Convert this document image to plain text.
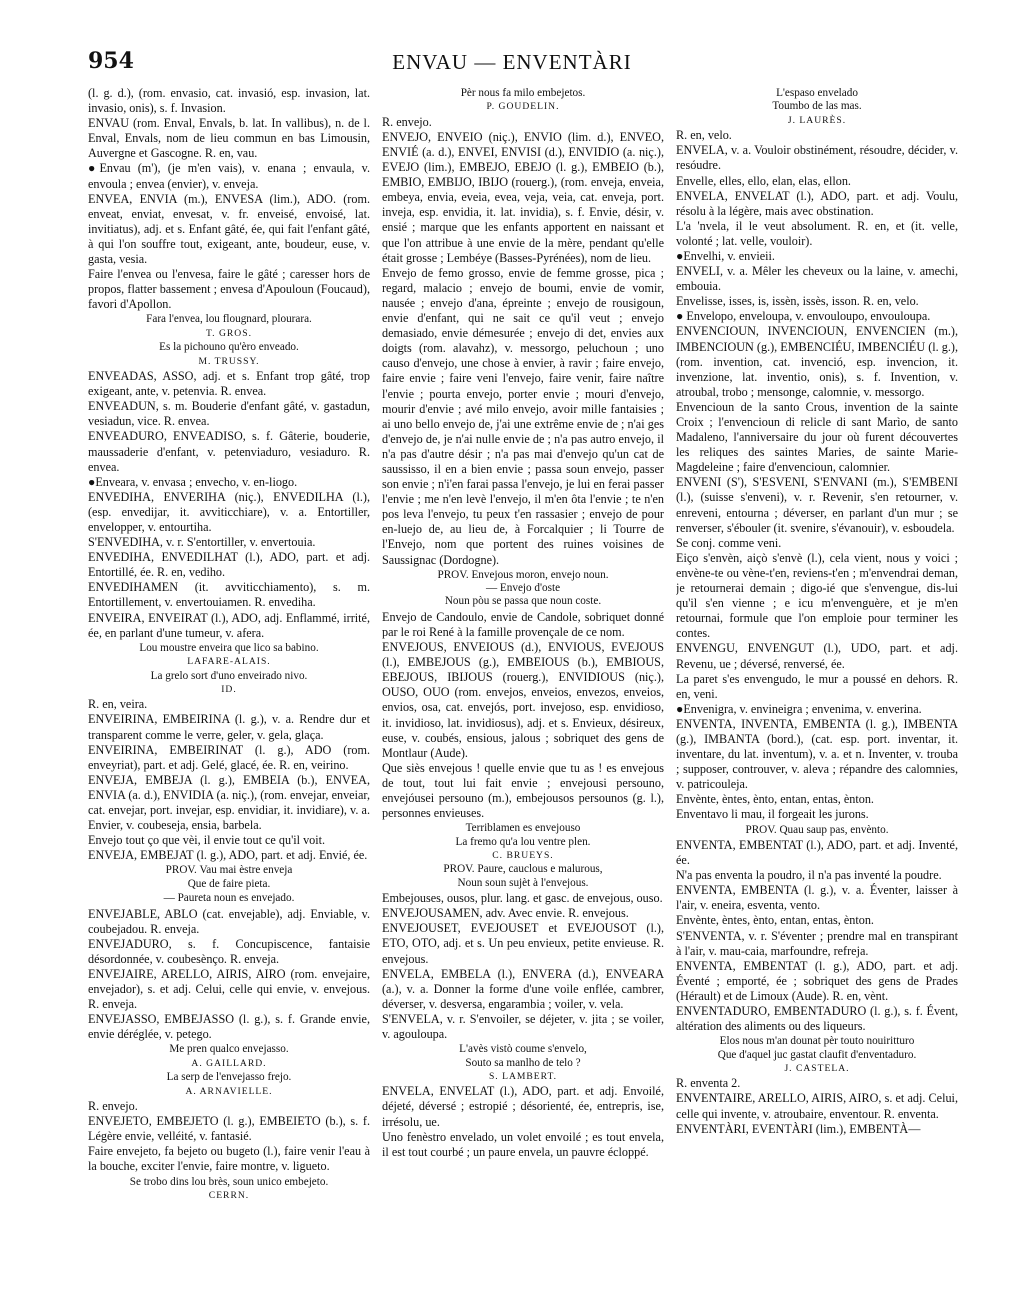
954	ENVAU — ENVENTÀRI

(l. g. d.), (rom. envasio, cat. invasió, esp. invasion, lat. invasio, onis), s. f. Invasion.

ENVAU (rom. Enval, Envals, b. lat. In vallibus), n. de l. Enval, Envals, nom de lieu commun en bas Limousin, Auvergne et Gascogne. R. en, vau.

●Envau (m'), (je m'en vais), v. enana ; envaula, v. envoula ; envea (envier), v. enveja.

ENVEA, ENVIA (m.), ENVESA (lim.), ADO. (rom. enveat, enviat, envesat, v. fr. enveisé, envoisé, lat. invitiatus), adj. et s. Enfant gâté, ée, qui fait l'enfant gâté, à qui l'on souffre tout, exigeant, ante, boudeur, euse, v. gasta, vesia.

Faire l'envea ou l'envesa, faire le gâté ; caresser hors de propos, flatter bassement ; envesa d'Apouloun (Foucaud), favori d'Apollon.

Fara l'envea, lou flougnard, plourara.
T. GROS.
Es la pichouno qu'èro enveado.
M. TRUSSY.

ENVEADAS, ASSO, adj. et s. Enfant trop gâté, trop exigeant, ante, v. petenvia. R. envea.

ENVEADUN, s. m. Bouderie d'enfant gâté, v. gastadun, vesiadun, vice. R. envea.

ENVEADURO, ENVEADISO, s. f. Gâterie, bouderie, maussaderie d'enfant, v. petenviaduro, vesiaduro. R. envea.

●Enveara, v. envasa ; envecho, v. en-liogo.

ENVEDIHA, ENVERIHA (niç.), ENVEDILHA (l.), (esp. envedijar, it. avviticchiare), v. a. Entortiller, envelopper, v. entourtiha.

S'ENVEDIHA, v. r. S'entortiller, v. envertouia.

ENVEDIHA, ENVEDILHAT (l.), ADO, part. et adj. Entortillé, ée. R. en, vediho.

ENVEDIHAMEN (it. avviticchiamento), s. m. Entortillement, v. envertouiamen. R. envediha.

ENVEIRA, ENVEIRAT (l.), ADO, adj. Enflammé, irrité, ée, en parlant d'une tumeur, v. afera.

Lou moustre enveira que lico sa babino.
LAFARE-ALAIS.
La grelo sort d'uno enveirado nivo.
ID.

R. en, veira.

ENVEIRINA, EMBEIRINA (l. g.), v. a. Rendre dur et transparent comme le verre, geler, v. gela, glaça.

ENVEIRINA, EMBEIRINAT (l. g.), ADO (rom. enveyriat), part. et adj. Gelé, glacé, ée. R. en, veirino.

ENVEJA, EMBEJA (l. g.), EMBEIA (b.), ENVEA, ENVIA (a. d.), ENVIDIA (a. niç.), (rom. envejar, enveiar, cat. envejar, port. invejar, esp. envidiar, it. invidiare), v. a. Envier, v. coubeseja, ensia, barbela.

Envejo tout ço que vèi, il envie tout ce qu'il voit.

ENVEJA, EMBEJAT (l. g.), ADO, part. et adj. Envié, ée.

PROV. Vau mai èstre enveja
Que de faire pieta.
— Paureta noun es envejado.

ENVEJABLE, ABLO (cat. envejable), adj. Enviable, v. coubejadou. R. enveja.

ENVEJADURO, s. f. Concupiscence, fantaisie désordonnée, v. coubesènço. R. enveja.

ENVEJAIRE, ARELLO, AIRIS, AIRO (rom. envejaire, envejador), s. et adj. Celui, celle qui envie, v. envejous. R. enveja.

ENVEJASSO, EMBEJASSO (l. g.), s. f. Grande envie, envie déréglée, v. petego.

Me pren qualco envejasso.
A. GAILLARD.
La serp de l'envejasso frejo.
A. ARNAVIELLE.

R. envejo.

ENVEJETO, EMBEJETO (l. g.), EMBEIETO (b.), s. f. Légère envie, velléité, v. fantasié.

Faire envejeto, fa bejeto ou bugeto (l.), faire venir l'eau à la bouche, exciter l'envie, faire montre, v. ligueto.

Se trobo dins lou brès, soun unico embejeto.
CERRN.
Pèr nous fa milo embejetos.
P. GOUDELIN.

R. envejo.

ENVEJO, ENVEIO (niç.), ENVIO (lim. d.), ENVEO, ENVIÉ (a. d.), ENVEI, ENVISI (d.), ENVIDIO (a. niç.), EVEJO (lim.), EMBEJO, EBEJO (l. g.), EMBEIO (b.), EMBIO, EMBIJO, IBIJO (rouerg.), (rom. enveja, enveia, embeya, envia, eveia, evea, veja, veia, cat. enveja, port. inveja, esp. envidia, it. lat. invidia), s. f. Envie, désir, v. ensié ; marque que les enfants apportent en naissant et que l'on attribue à une envie de la mère, pendant qu'elle était grosse ; Lembéye (Basses-Pyrénées), nom de lieu.

Envejo de femo grosso, envie de femme grosse, pica ; regard, malacio ; envejo de boumi, envie de vomir, nausée ; envejo d'ana, épreinte ; envejo de rousigoun, envie d'enfant, qui ne sait ce qu'il veut ; envejo demasiado, envie démesurée ; envejo di det, envies aux doigts (rom. alavahz), v. messorgo, peluchoun ; uno causo d'envejo, une chose à envier, à ravir ; faire envejo, faire envie ; faire veni l'envejo, faire venir, faire naître l'envie ; pourta envejo, porter envie ; mouri d'envejo, mourir d'envie ; avé milo envejo, avoir mille fantaisies ; ai uno bello envejo de, j'ai une extrême envie de ; n'ai ges d'envejo de, je n'ai nulle envie de ; n'a pas autro envejo, il n'a pas d'autre désir ; n'a pas mai d'envejo qu'un cat de saussisso, il en a bien envie ; passa soun envejo, passer son envie ; n'i'en farai passa l'envejo, je lui en ferai passer l'envie ; me n'en levè l'envejo, il m'en ôta l'envie ; te n'en pos leva l'envejo, tu peux t'en rassasier ; envejo de pour en-luejo de, au lieu de, à Forcalquier ; li Tourre de l'Envejo, nom que portent des ruines voisines de Saussignac (Dordogne).

PROV. Envejous moron, envejo noun.
— Envejo d'oste
Noun pòu se passa que noun coste.

Envejo de Candoulo, envie de Candole, sobriquet donné par le roi René à la famille provençale de ce nom.

ENVEJOUS, ENVEIOUS (d.), ENVIOUS, EVEJOUS (l.), EMBEJOUS (g.), EMBEIOUS (b.), EMBIOUS, EBEJOUS, IBIJOUS (rouerg.), ENVIDIOUS (niç.), OUSO, OUO (rom. envejos, enveios, envezos, enveios, envios, osa, cat. envejós, port. invejoso, esp. envidioso, it. invidioso, lat. invidiosus), adj. et s. Envieux, désireux, euse, v. coubés, ensious, jalous ; sobriquet des gens de Montlaur (Aude).

Que siès envejous ! quelle envie que tu as ! es envejous de tout, tout lui fait envie ; envejousi persouno, envejóusei persouno (m.), embejousos persounos (g. l.), personnes envieuses.

Terriblamen es envejouso
La fremo qu'a lou ventre plen.
C. BRUEYS.
PROV. Paure, cauclous e malurous,
Noun soun sujèt à l'envejous.

Embejouses, ousos, plur. lang. et gasc. de envejous, ouso.

ENVEJOUSAMEN, adv. Avec envie. R. envejous.

ENVEJOUSET, EVEJOUSET et EVEJOUSOT (l.), ETO, OTO, adj. et s. Un peu envieux, petite envieuse. R. envejous.

ENVELA, EMBELA (l.), ENVERA (d.), ENVEARA (a.), v. a. Donner la forme d'une voile enflée, cambrer, déverser, v. desversa, engarambia ; voiler, v. vela.

S'ENVELA, v. r. S'envoiler, se déjeter, v. jita ; se voiler, v. agouloupa.

L'avès vistò coume s'envelo,
Souto sa manlho de telo ?
S. LAMBERT.

ENVELA, ENVELAT (l.), ADO, part. et adj. Envoilé, déjeté, déversé ; estropié ; désorienté, ée, entrepris, ise, irrésolu, ue.

Uno fenèstro envelado, un volet envoilé ; es tout envela, il est tout courbé ; un paure envela, un pauvre écloppé.

L'espaso envelado
Toumbo de las mas.
J. LAURÈS.

R. en, velo.

ENVELA, v. a. Vouloir obstinément, résoudre, décider, v. resóudre.

Envelle, elles, ello, elan, elas, ellon.

ENVELA, ENVELAT (l.), ADO, part. et adj. Voulu, résolu à la légère, mais avec obstination.

L'a 'nvela, il le veut absolument. R. en, et (it. velle, volonté ; lat. velle, vouloir).

●Envelhi, v. envieii.

ENVELI, v. a. Mêler les cheveux ou la laine, v. amechi, embouia.

Envelisse, isses, is, issèn, issès, isson. R. en, velo.

● Envelopo, enveloupa, v. envouloupo, envouloupa.

ENVENCIOUN, INVENCIOUN, ENVENCIEN (m.), IMBENCIOUN (g.), EMBENCIÉU, IMBENCIÉU (l. g.), (rom. invention, cat. invenció, esp. invencion, it. invenzione, lat. inventio, onis), s. f. Invention, v. atroubal, trobo ; mensonge, calomnie, v. messorgo.

Envencioun de la santo Crous, invention de la sainte Croix ; l'envencioun di relicle di sant Marìo, de santo Madaleno, l'anniversaire du jour où furent découvertes les reliques des saintes Maries, de sainte Marie-Magdeleine ; faire d'envencioun, calomnier.

ENVENI (S'), S'ESVENI, S'ENVANI (m.), S'EMBENI (l.), (suisse s'enveni), v. r. Revenir, s'en retourner, v. enreveni, entourna ; déverser, en parlant d'un mur ; se renverser, s'ébouler (it. svenire, s'évanouir), v. esboudela.

Se conj. comme veni.

Eiço s'envèn, aiçò s'envè (l.), cela vient, nous y voici ; envène-te ou vène-t'en, reviens-t'en ; m'envendrai deman, je retournerai demain ; digo-ié que s'envengue, dis-lui qu'il s'en vienne ; e icu m'envenguère, et je m'en retournai, formule que l'on emploie pour terminer les contes.

ENVENGU, ENVENGUT (l.), UDO, part. et adj. Revenu, ue ; déversé, renversé, ée.

La paret s'es envengudo, le mur a poussé en dehors. R. en, veni.

●Envenigra, v. envineigra ; envenima, v. enverina.

ENVENTA, INVENTA, EMBENTA (l. g.), IMBENTA (g.), IMBANTA (bord.), (cat. esp. port. inventar, it. inventare, du lat. inventum), v. a. et n. Inventer, v. trouba ; supposer, controuver, v. aleva ; répandre des calomnies, v. patricouleja.

Envènte, èntes, ènto, entan, entas, ènton.

Enventavo li mau, il forgeait les jurons.

PROV. Quau saup pas, envènto.

ENVENTA, EMBENTAT (l.), ADO, part. et adj. Inventé, ée.

N'a pas enventa la poudro, il n'a pas inventé la poudre.

ENVENTA, EMBENTA (l. g.), v. a. Éventer, laisser à l'air, v. eneira, esventa, vento.

Envènte, èntes, ènto, entan, entas, ènton.

S'ENVENTA, v. r. S'éventer ; prendre mal en transpirant à l'air, v. mau-caia, marfoundre, refreja.

ENVENTA, EMBENTAT (l. g.), ADO, part. et adj. Éventé ; emporté, ée ; sobriquet des gens de Prades (Hérault) et de Limoux (Aude). R. en, vènt.

ENVENTADURO, EMBENTADURO (l. g.), s. f. Évent, altération des aliments ou des liqueurs.

Elos nous m'an dounat pèr touto nouiritturo
Que d'aquel juc gastat claufit d'enventaduro.
J. CASTELA.

R. enventa 2.

ENVENTAIRE, ARELLO, AIRIS, AIRO, s. et adj. Celui, celle qui invente, v. atroubaire, enventour. R. enventa.

ENVENTÀRI, EVENTÀRI (lim.), EMBENTÀ—
